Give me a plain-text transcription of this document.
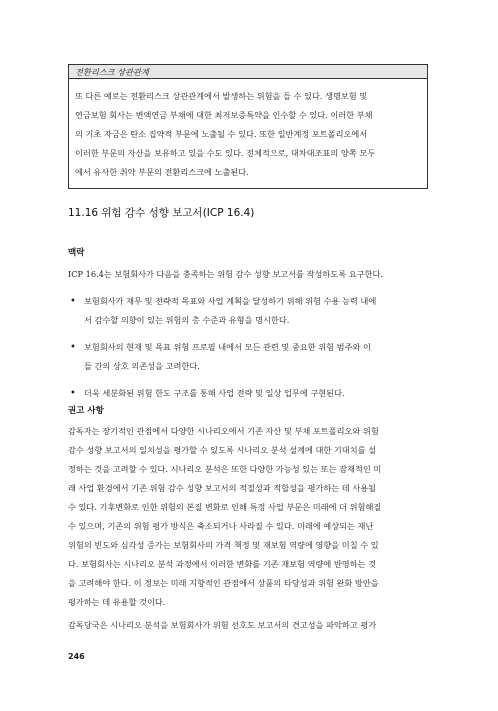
전환리스크 상관관계

또 다른 예로는 전환리스크 상관관계에서 발생하는 위험을 들 수 있다. 생명보험 및
연금보험 회사는 변액연금 부채에 대한 최저보증특약을 인수할 수 있다. 이러한 부채
의 기초 자금은 탄소 집약적 부문에 노출될 수 있다. 또한 일반계정 포트폴리오에서
이러한 부문의 자산을 보유하고 있을 수도 있다. 전체적으로, 대차대조표의 양쪽 모두
에서 유사한 취약 부문의 전환리스크에 노출된다.

11.16 위험 감수 성향 보고서(ICP 16.4)
맥락

ICP 16.4는 보험회사가 다음을 충족하는 위험 감수 성향 보고서를 작성하도록 요구한다.

• 보험회사가 재무 및 전략적 목표와 사업 계획을 달성하기 위해 위험 수용 능력 내에
서 감수할 의향이 있는 위험의 총 수준과 유형을 명시한다.
• 보험회사의 현재 및 목표 위험 프로필 내에서 모든 관련 및 중요한 위험 범주와 이
들 간의 상호 의존성을 고려한다.
• 더욱 세분화된 위험 한도 구조를 통해 사업 전략 및 일상 업무에 구현된다.
권고 사항

감독자는 장기적인 관점에서 다양한 시나리오에서 기존 자산 및 부채 포트폴리오와 위험
감수 성향 보고서의 일치성을 평가할 수 있도록 시나리오 분석 설계에 대한 기대치를 설
정하는 것을 고려할 수 있다. 시나리오 분석은 또한 다양한 가능성 있는 또는 잠재적인 미
래 사업 환경에서 기존 위험 감수 성향 보고서의 적절성과 적합성을 평가하는 데 사용될
수 있다. 기후변화로 인한 위험의 본질 변화로 인해 특정 사업 부문은 미래에 더 위험해질
수 있으며, 기존의 위험 평가 방식은 축소되거나 사라질 수 있다. 미래에 예상되는 재난
위험의 빈도와 심각성 증가는 보험회사의 가격 책정 및 재보험 역량에 영향을 미칠 수 있
다. 보험회사는 시나리오 분석 과정에서 이러한 변화를 기존 재보험 역량에 반영하는 것
을 고려해야 한다. 이 정보는 미래 지향적인 관점에서 상품의 타당성과 위험 완화 방안을
평가하는 데 유용할 것이다.

감독당국은 시나리오 분석을 보험회사가 위험 선호도 보고서의 견고성을 파악하고 평가

246
